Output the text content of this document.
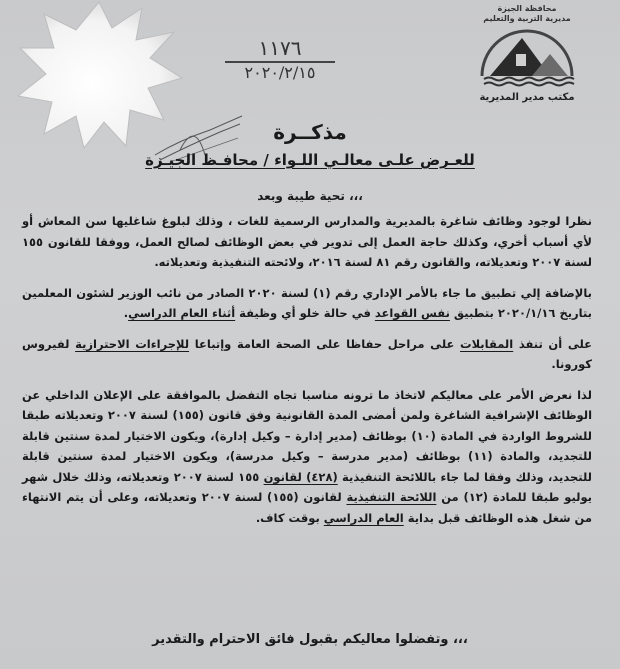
١١٧٦
٢٠٢٠/٢/١٥
محافظة الجيزة
مديرية التربية والتعليم
مكتب مدير المديرية
مذكــرة
للعـرض علـى معالـي اللـواء / محافـظ الجيـزة
تحية طيبة وبعد ،،،

نظرا لوجود وظائف شاغرة بالمديرية والمدارس الرسمية للغات ، وذلك لبلوغ شاغليها سن المعاش أو لأي أسباب أخري، وكذلك حاجة العمل إلى تدوير في بعض الوظائف لصالح العمل، ووفقا للقانون ١٥٥ لسنة ٢٠٠٧ وتعديلاته، والقانون رقم ٨١ لسنة ٢٠١٦، ولائحته التنفيذية وتعديلاته.

بالإضافة إلي تطبيق ما جاء بالأمر الإداري رقم (١) لسنة ٢٠٢٠ الصادر من نائب الوزير لشئون المعلمين بتاريخ ٢٠٢٠/١/١٦ بتطبيق نفس القواعد في حالة خلو أي وظيفة أثناء العام الدراسي.

على أن تنفذ المقابلات على مراحل حفاظا على الصحة العامة وإتباعا للإجراءات الاحترازية لفيروس كورونا.

لذا نعرض الأمر على معاليكم لاتخاذ ما ترونه مناسبا تجاه التفضل بالموافقة على الإعلان الداخلي عن الوظائف الإشرافية الشاغرة ولمن أمضى المدة القانونية وفق قانون (١٥٥) لسنة ٢٠٠٧ وتعديلاته طبقا للشروط الواردة في المادة (١٠) بوظائف (مدير إدارة – وكيل إدارة)، ويكون الاختيار لمدة سنتين قابلة للتجديد، والمادة (١١) بوظائف (مدير مدرسة – وكيل مدرسة)، ويكون الاختيار لمدة سنتين قابلة للتجديد، وذلك وفقا لما جاء باللائحة التنفيذية (٤٢٨) لقانون ١٥٥ لسنة ٢٠٠٧ وتعديلاته، وذلك خلال شهر يوليو طبقا للمادة (١٢) من اللائحة التنفيذية لقانون (١٥٥) لسنة ٢٠٠٧ وتعديلاته، وعلى أن يتم الانتهاء من شغل هذه الوظائف قبل بداية العام الدراسي بوقت كاف.

وتفضلوا معاليكم بقبول فائق الاحترام والتقدير ،،،
